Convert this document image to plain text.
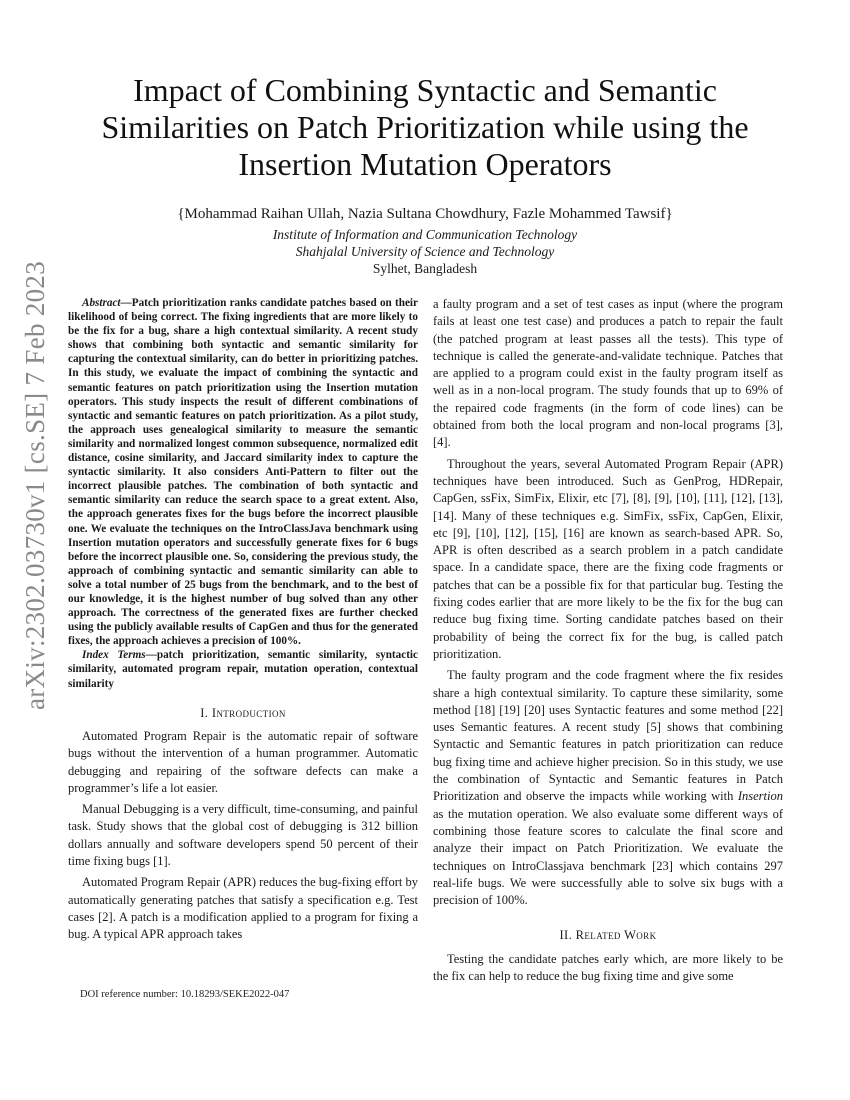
arXiv:2302.03730v1 [cs.SE] 7 Feb 2023
Impact of Combining Syntactic and Semantic
Similarities on Patch Prioritization while using the
Insertion Mutation Operators
{Mohammad Raihan Ullah, Nazia Sultana Chowdhury, Fazle Mohammed Tawsif}
Institute of Information and Communication Technology
Shahjalal University of Science and Technology
Sylhet, Bangladesh

Abstract—Patch prioritization ranks candidate patches based on their likelihood of being correct. The fixing ingredients that are more likely to be the fix for a bug, share a high contextual similarity. A recent study shows that combining both syntactic and semantic similarity for capturing the contextual similarity, can do better in prioritizing patches. In this study, we evaluate the impact of combining the syntactic and semantic features on patch prioritization using the Insertion mutation operators. This study inspects the result of different combinations of syntactic and semantic features on patch prioritization. As a pilot study, the approach uses genealogical similarity to measure the semantic similarity and normalized longest common subsequence, normalized edit distance, cosine similarity, and Jaccard similarity index to capture the syntactic similarity. It also considers Anti-Pattern to filter out the incorrect plausible patches. The combination of both syntactic and semantic similarity can reduce the search space to a great extent. Also, the approach generates fixes for the bugs before the incorrect plausible one. We evaluate the techniques on the IntroClassJava benchmark using Insertion mutation operators and successfully generate fixes for 6 bugs before the incorrect plausible one. So, considering the previous study, the approach of combining syntactic and semantic similarity can able to solve a total number of 25 bugs from the benchmark, and to the best of our knowledge, it is the highest number of bug solved than any other approach. The correctness of the generated fixes are further checked using the publicly available results of CapGen and thus for the generated fixes, the approach achieves a precision of 100%.

Index Terms—patch prioritization, semantic similarity, syntactic similarity, automated program repair, mutation operation, contextual similarity

I. Introduction

Automated Program Repair is the automatic repair of software bugs without the intervention of a human programmer. Automatic debugging and repairing of the software defects can make a programmer’s life a lot easier.

Manual Debugging is a very difficult, time-consuming, and painful task. Study shows that the global cost of debugging is 312 billion dollars annually and software developers spend 50 percent of their time fixing bugs [1].

Automated Program Repair (APR) reduces the bug-fixing effort by automatically generating patches that satisfy a specification e.g. Test cases [2]. A patch is a modification applied to a program for fixing a bug. A typical APR approach takes

a faulty program and a set of test cases as input (where the program fails at least one test case) and produces a patch to repair the fault (the patched program at least passes all the tests). This type of technique is called the generate-and-validate technique. Patches that are applied to a program could exist in the faulty program itself as well as in a non-local program. The study founds that up to 69% of the repaired code fragments (in the form of code lines) can be obtained from both the local program and non-local programs [3], [4].

Throughout the years, several Automated Program Repair (APR) techniques have been introduced. Such as GenProg, HDRepair, CapGen, ssFix, SimFix, Elixir, etc [7], [8], [9], [10], [11], [12], [13], [14]. Many of these techniques e.g. SimFix, ssFix, CapGen, Elixir, etc [9], [10], [12], [15], [16] are known as search-based APR. So, APR is often described as a search problem in a patch candidate space. In a candidate space, there are the fixing code fragments or patches that can be a possible fix for that particular bug. Testing the fixing codes earlier that are more likely to be the fix for the bug can reduce bug fixing time. Sorting candidate patches based on their probability of being the correct fix for the bug, is called patch prioritization.

The faulty program and the code fragment where the fix resides share a high contextual similarity. To capture these similarity, some method [18] [19] [20] uses Syntactic features and some method [22] uses Semantic features. A recent study [5] shows that combining Syntactic and Semantic features in patch prioritization can reduce bug fixing time and achieve higher precision. So in this study, we use the combination of Syntactic and Semantic features in Patch Prioritization and observe the impacts while working with Insertion as the mutation operation. We also evaluate some different ways of combining those feature scores to calculate the final score and analyze their impact on Patch Prioritization. We evaluate the techniques on IntroClassjava benchmark [23] which contains 297 real-life bugs. We were successfully able to solve six bugs with a precision of 100%.

II. Related Work

Testing the candidate patches early which, are more likely to be the fix can help to reduce the bug fixing time and give some

DOI reference number: 10.18293/SEKE2022-047
